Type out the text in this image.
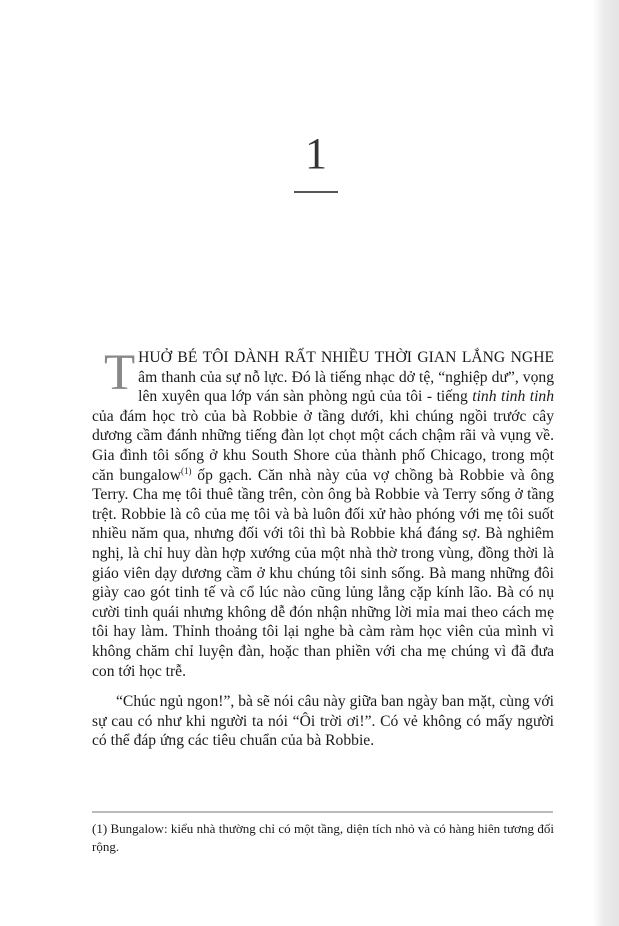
1

THUỞ BÉ TÔI DÀNH RẤT NHIỀU THỜI GIAN LẮNG NGHE âm thanh của sự nỗ lực. Đó là tiếng nhạc dở tệ, “nghiệp dư”, vọng lên xuyên qua lớp ván sàn phòng ngủ của tôi - tiếng tinh tinh tinh của đám học trò của bà Robbie ở tầng dưới, khi chúng ngồi trước cây dương cầm đánh những tiếng đàn lọt chọt một cách chậm rãi và vụng về. Gia đình tôi sống ở khu South Shore của thành phố Chicago, trong một căn bungalow$^{(1)}$ ốp gạch. Căn nhà này của vợ chồng bà Robbie và ông Terry. Cha mẹ tôi thuê tầng trên, còn ông bà Robbie và Terry sống ở tầng trệt. Robbie là cô của mẹ tôi và bà luôn đối xử hào phóng với mẹ tôi suốt nhiều năm qua, nhưng đối với tôi thì bà Robbie khá đáng sợ. Bà nghiêm nghị, là chỉ huy dàn hợp xướng của một nhà thờ trong vùng, đồng thời là giáo viên dạy dương cầm ở khu chúng tôi sinh sống. Bà mang những đôi giày cao gót tinh tế và cổ lúc nào cũng lủng lẳng cặp kính lão. Bà có nụ cười tinh quái nhưng không dễ đón nhận những lời mỉa mai theo cách mẹ tôi hay làm. Thỉnh thoảng tôi lại nghe bà càm ràm học viên của mình vì không chăm chỉ luyện đàn, hoặc than phiền với cha mẹ chúng vì đã đưa con tới học trễ.

“Chúc ngủ ngon!”, bà sẽ nói câu này giữa ban ngày ban mặt, cùng với sự cau có như khi người ta nói “Ôi trời ơi!”. Có vẻ không có mấy người có thể đáp ứng các tiêu chuẩn của bà Robbie.

(1) Bungalow: kiểu nhà thường chỉ có một tầng, diện tích nhỏ và có hàng hiên tương đối rộng.
